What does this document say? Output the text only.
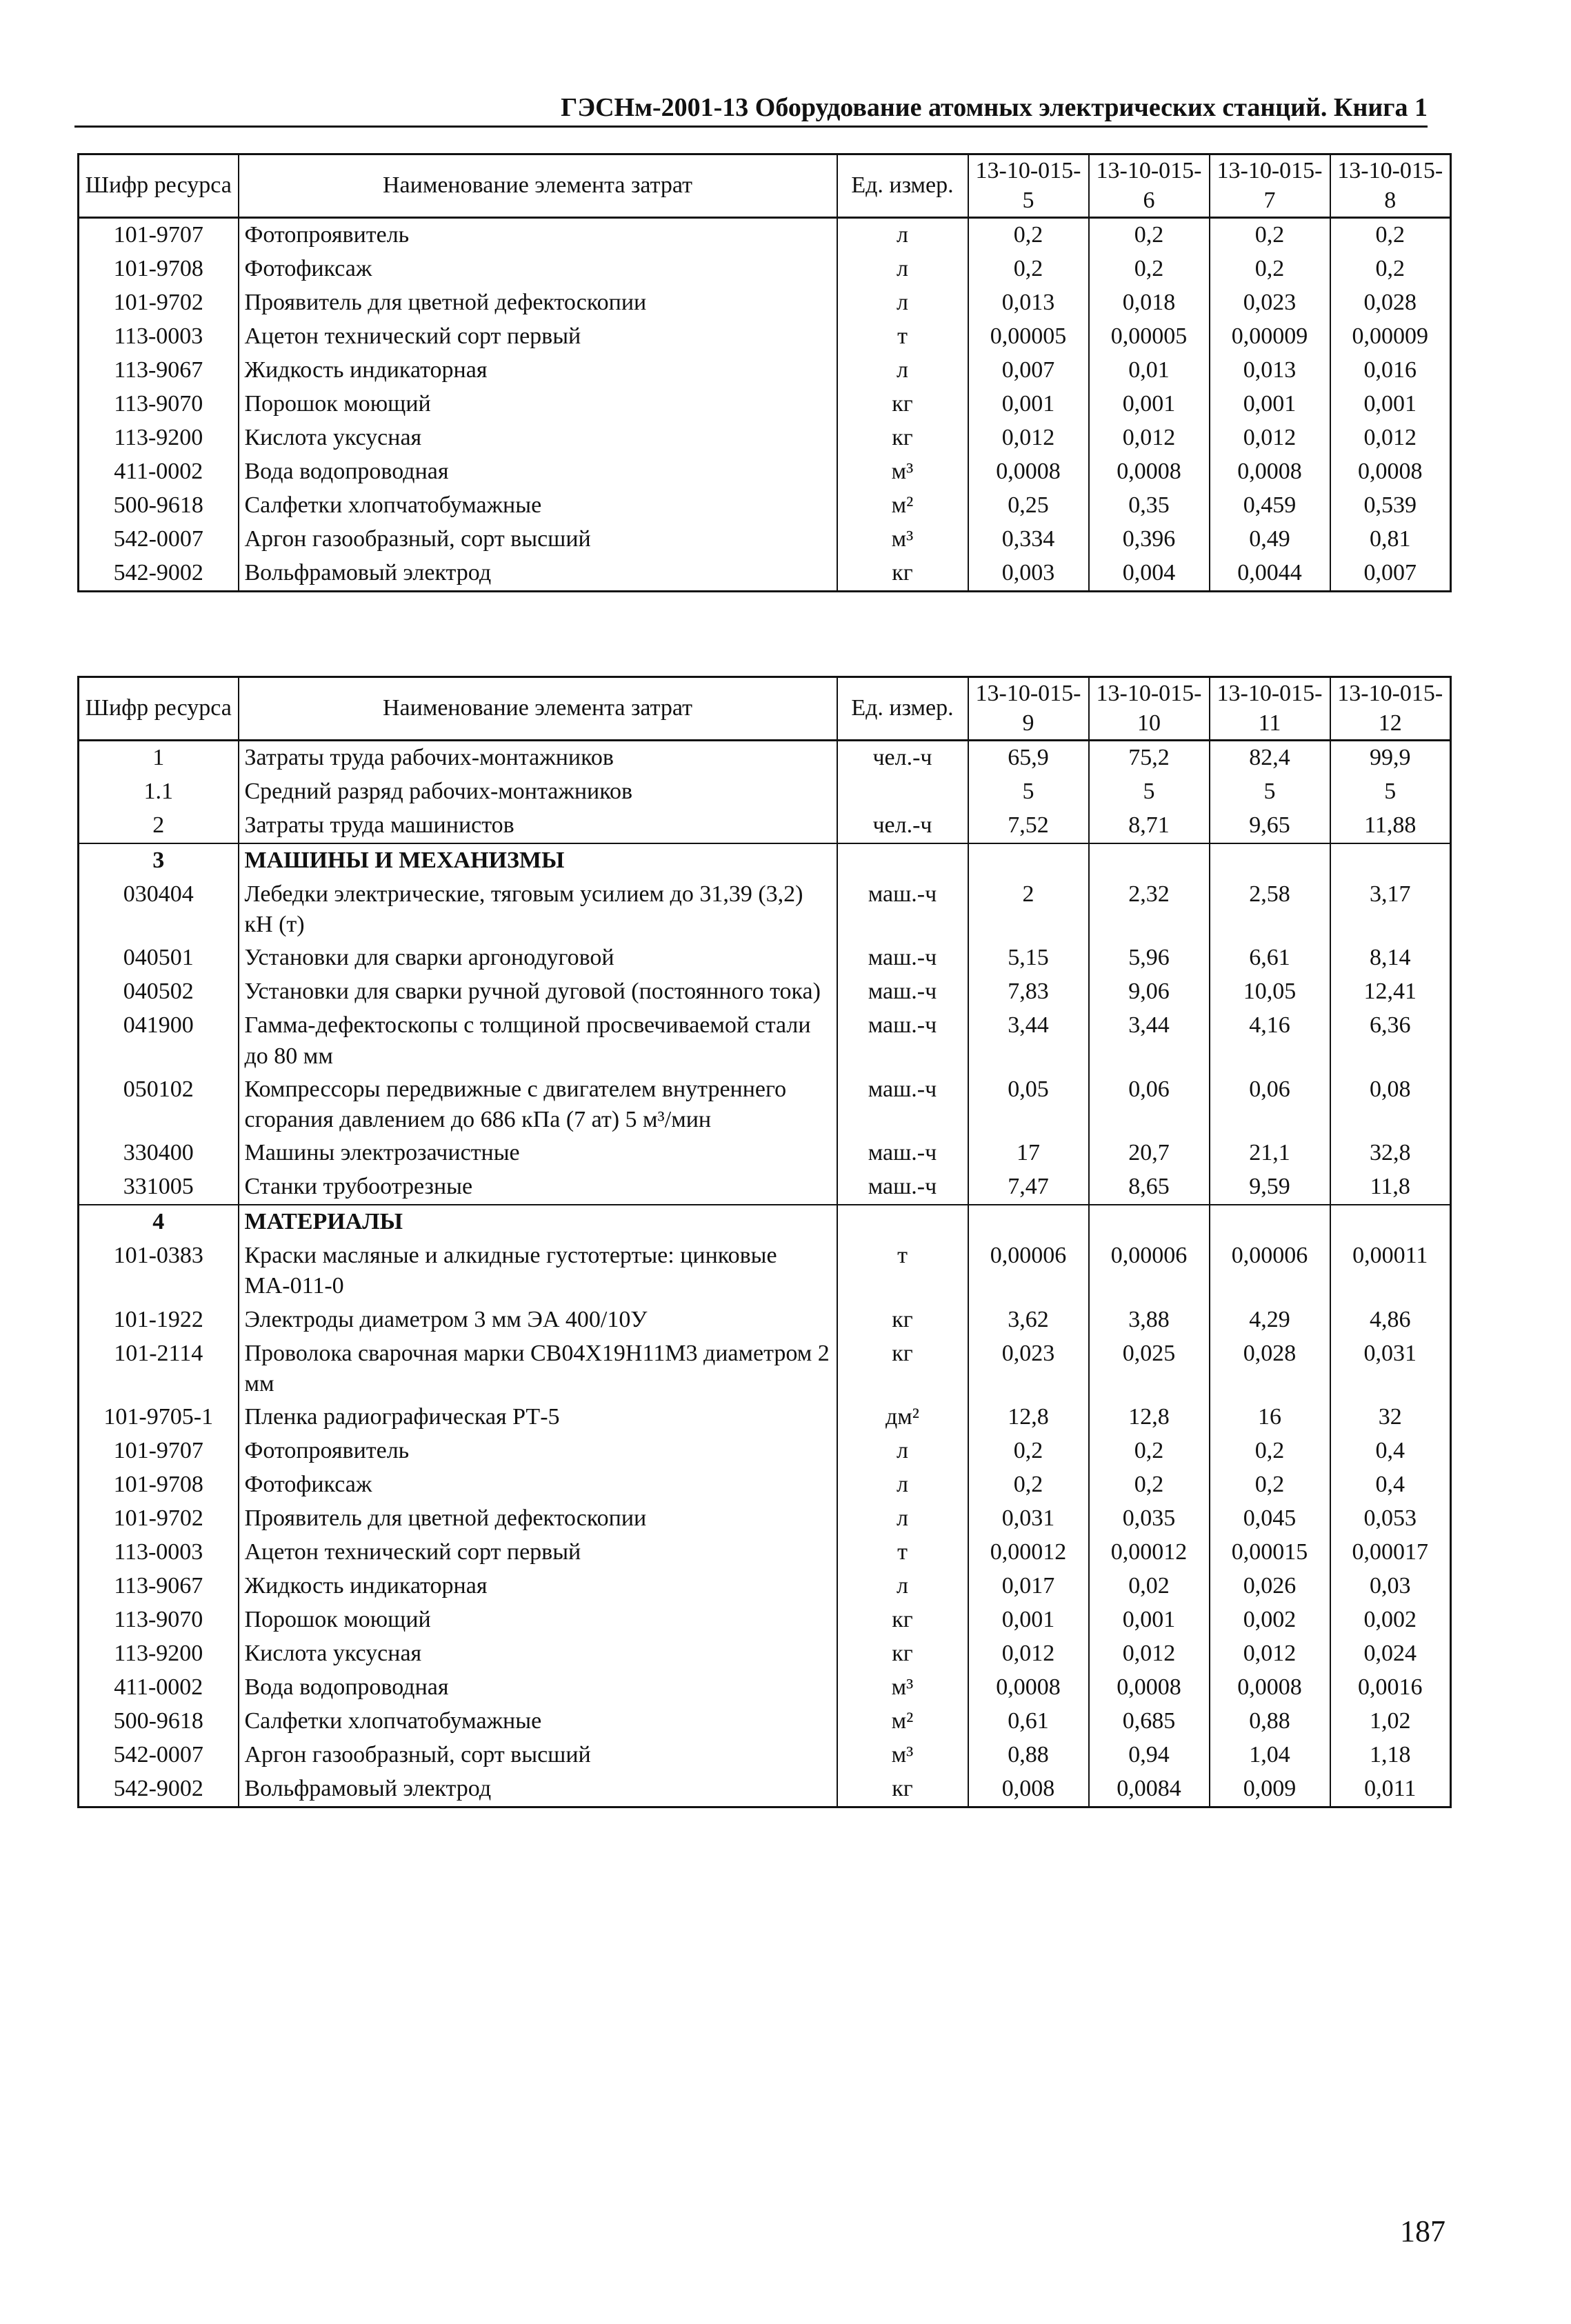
ГЭСНм-2001-13 Оборудование атомных электрических станций. Книга 1
Шифр ресурса	Наименование элемента затрат	Ед. измер.	13-10-015-5	13-10-015-6	13-10-015-7	13-10-015-8
101-9707	Фотопроявитель	л	0,2	0,2	0,2	0,2
101-9708	Фотофиксаж	л	0,2	0,2	0,2	0,2
101-9702	Проявитель для цветной дефектоскопии	л	0,013	0,018	0,023	0,028
113-0003	Ацетон технический сорт первый	т	0,00005	0,00005	0,00009	0,00009
113-9067	Жидкость индикаторная	л	0,007	0,01	0,013	0,016
113-9070	Порошок моющий	кг	0,001	0,001	0,001	0,001
113-9200	Кислота уксусная	кг	0,012	0,012	0,012	0,012
411-0002	Вода водопроводная	м³	0,0008	0,0008	0,0008	0,0008
500-9618	Салфетки хлопчатобумажные	м²	0,25	0,35	0,459	0,539
542-0007	Аргон газообразный, сорт высший	м³	0,334	0,396	0,49	0,81
542-9002	Вольфрамовый электрод	кг	0,003	0,004	0,0044	0,007
Шифр ресурса	Наименование элемента затрат	Ед. измер.	13-10-015-9	13-10-015-10	13-10-015-11	13-10-015-12
1	Затраты труда рабочих-монтажников	чел.-ч	65,9	75,2	82,4	99,9
1.1	Средний разряд рабочих-монтажников		5	5	5	5
2	Затраты труда машинистов	чел.-ч	7,52	8,71	9,65	11,88
3	МАШИНЫ И МЕХАНИЗМЫ					
030404	Лебедки электрические, тяговым усилием до 31,39 (3,2) кН (т)	маш.-ч	2	2,32	2,58	3,17
040501	Установки для сварки аргонодуговой	маш.-ч	5,15	5,96	6,61	8,14
040502	Установки для сварки ручной дуговой (постоянного тока)	маш.-ч	7,83	9,06	10,05	12,41
041900	Гамма-дефектоскопы с толщиной просвечиваемой стали до 80 мм	маш.-ч	3,44	3,44	4,16	6,36
050102	Компрессоры передвижные с двигателем внутреннего сгорания давлением до 686 кПа (7 ат) 5 м³/мин	маш.-ч	0,05	0,06	0,06	0,08
330400	Машины электрозачистные	маш.-ч	17	20,7	21,1	32,8
331005	Станки трубоотрезные	маш.-ч	7,47	8,65	9,59	11,8
4	МАТЕРИАЛЫ					
101-0383	Краски масляные и алкидные густотертые: цинковые МА-011-0	т	0,00006	0,00006	0,00006	0,00011
101-1922	Электроды диаметром 3 мм ЭА 400/10У	кг	3,62	3,88	4,29	4,86
101-2114	Проволока сварочная марки СВ04Х19Н11М3 диаметром 2 мм	кг	0,023	0,025	0,028	0,031
101-9705-1	Пленка радиографическая РТ-5	дм²	12,8	12,8	16	32
101-9707	Фотопроявитель	л	0,2	0,2	0,2	0,4
101-9708	Фотофиксаж	л	0,2	0,2	0,2	0,4
101-9702	Проявитель для цветной дефектоскопии	л	0,031	0,035	0,045	0,053
113-0003	Ацетон технический сорт первый	т	0,00012	0,00012	0,00015	0,00017
113-9067	Жидкость индикаторная	л	0,017	0,02	0,026	0,03
113-9070	Порошок моющий	кг	0,001	0,001	0,002	0,002
113-9200	Кислота уксусная	кг	0,012	0,012	0,012	0,024
411-0002	Вода водопроводная	м³	0,0008	0,0008	0,0008	0,0016
500-9618	Салфетки хлопчатобумажные	м²	0,61	0,685	0,88	1,02
542-0007	Аргон газообразный, сорт высший	м³	0,88	0,94	1,04	1,18
542-9002	Вольфрамовый электрод	кг	0,008	0,0084	0,009	0,011
187
